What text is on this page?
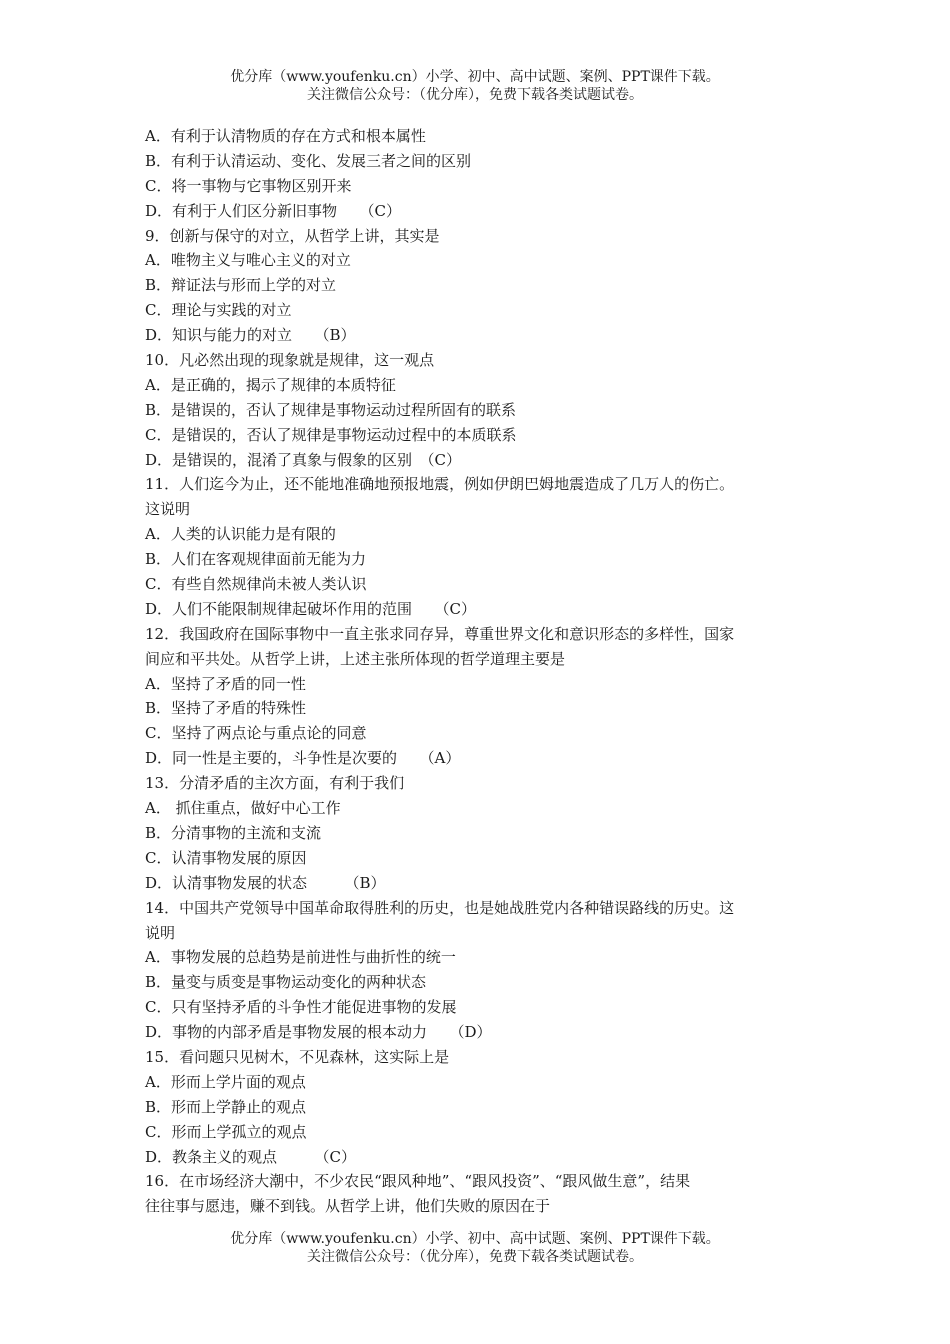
优分库（www.youfenku.cn）小学、初中、高中试题、案例、PPT课件下载。
关注微信公众号：（优分库），免费下载各类试题试卷。
A．有利于认清物质的存在方式和根本属性
B．有利于认清运动、变化、发展三者之间的区别
C．将一事物与它事物区别开来
D．有利于人们区分新旧事物　　（C）
9．创新与保守的对立，从哲学上讲，其实是
A．唯物主义与唯心主义的对立
B．辩证法与形而上学的对立
C．理论与实践的对立
D．知识与能力的对立　　（B）
10．凡必然出现的现象就是规律，这一观点
A．是正确的，揭示了规律的本质特征
B．是错误的，否认了规律是事物运动过程所固有的联系
C．是错误的，否认了规律是事物运动过程中的本质联系
D．是错误的，混淆了真象与假象的区别　（C）
11．人们迄今为止，还不能地准确地预报地震，例如伊朗巴姆地震造成了几万人的伤亡。
这说明
A．人类的认识能力是有限的
B．人们在客观规律面前无能为力
C．有些自然规律尚未被人类认识
D．人们不能限制规律起破坏作用的范围　　（C）
12．我国政府在国际事物中一直主张求同存异，尊重世界文化和意识形态的多样性，国家
间应和平共处。从哲学上讲，上述主张所体现的哲学道理主要是
A．坚持了矛盾的同一性
B．坚持了矛盾的特殊性
C．坚持了两点论与重点论的同意
D．同一性是主要的，斗争性是次要的　　（A）
13．分清矛盾的主次方面，有利于我们
A． 抓住重点，做好中心工作
B．分清事物的主流和支流
C．认清事物发展的原因
D．认清事物发展的状态　　　（B）
14．中国共产党领导中国革命取得胜利的历史，也是她战胜党内各种错误路线的历史。这
说明
A．事物发展的总趋势是前进性与曲折性的统一
B．量变与质变是事物运动变化的两种状态
C．只有坚持矛盾的斗争性才能促进事物的发展
D．事物的内部矛盾是事物发展的根本动力　　（D）
15．看问题只见树木，不见森林，这实际上是
A．形而上学片面的观点
B．形而上学静止的观点
C．形而上学孤立的观点
D．教条主义的观点　　　（C）
16．在市场经济大潮中，不少农民“跟风种地”、“跟风投资”、“跟风做生意”，结果
往往事与愿违，赚不到钱。从哲学上讲，他们失败的原因在于
优分库（www.youfenku.cn）小学、初中、高中试题、案例、PPT课件下载。
关注微信公众号：（优分库），免费下载各类试题试卷。
